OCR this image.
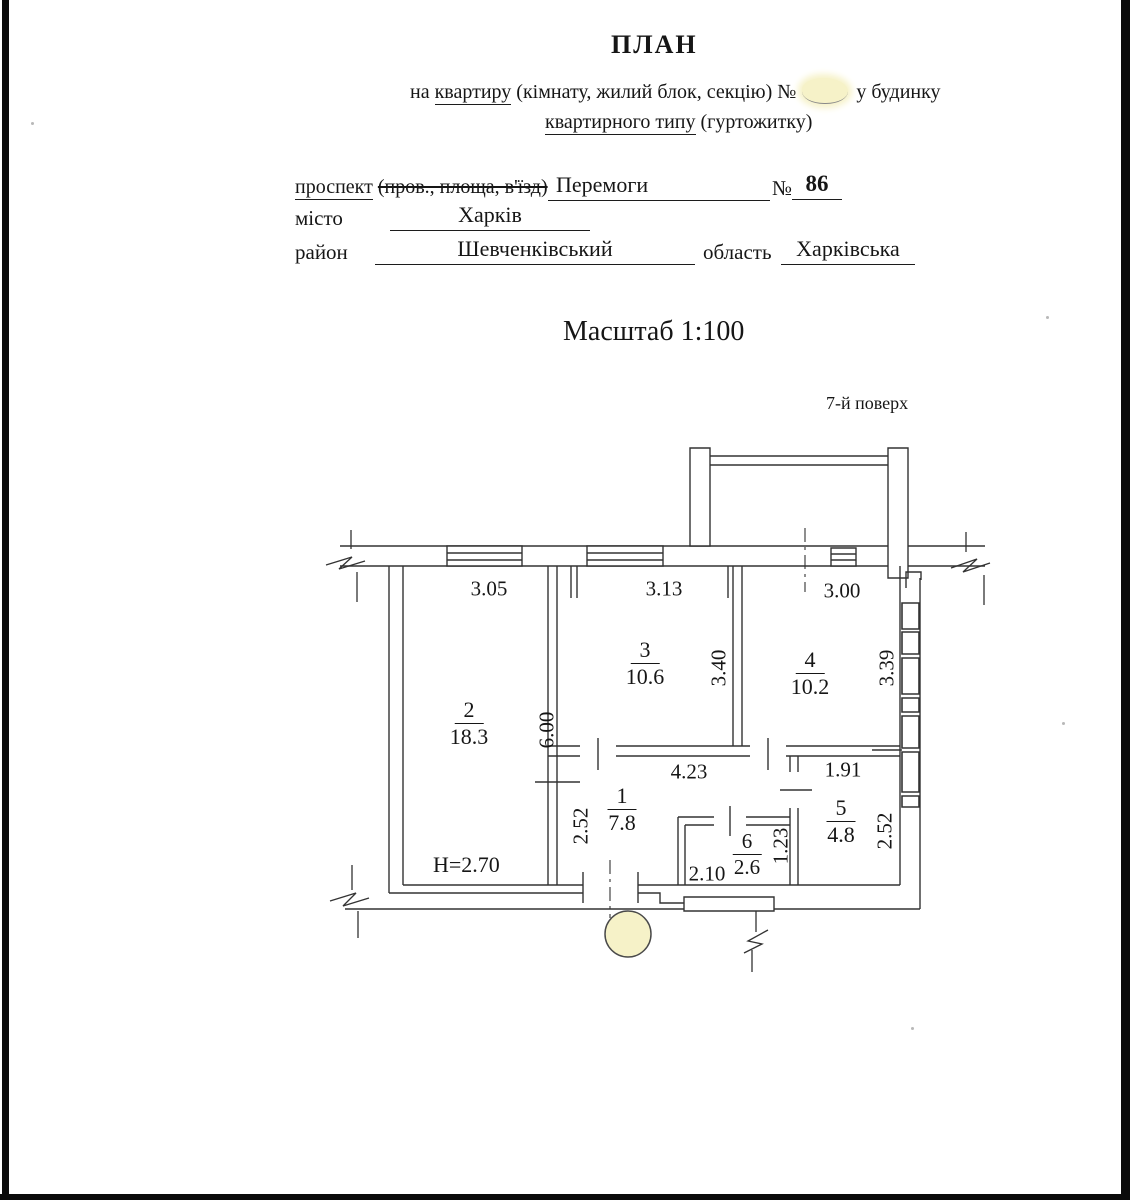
ПЛАН
на квартиру (кімнату, жилий блок, секцію) №	у будинку
квартирного типу (гуртожитку)
проспект (пров., площа, в'їзд) Перемоги	№ 86
місто	Харків
район	Шевченківський	область	Харківська
Масштаб 1:100
7-й поверх
2
18.3
3
10.6
4
10.2
1
7.8
5
4.8
6
2.6
3.05	3.13	3.00
3.40	3.39
6.00
4.23	1.91
2.52
1.23	2.52
2.10
H=2.70
